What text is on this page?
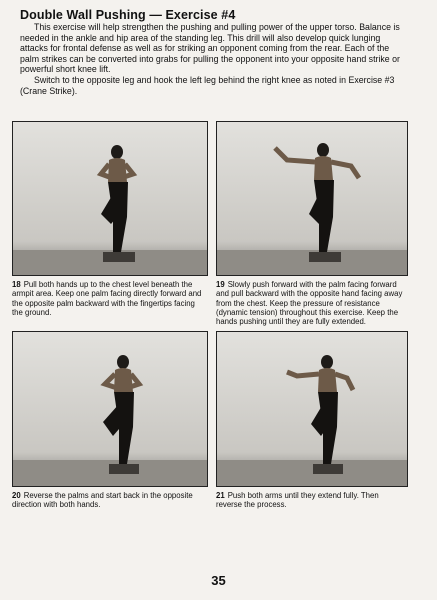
Double Wall Pushing — Exercise #4

This exercise will help strengthen the pushing and pulling power of the upper torso. Balance is needed in the ankle and hip area of the standing leg. This drill will also develop quick lunging attacks for frontal defense as well as for striking an opponent coming from the rear. Each of the palm strikes can be converted into grabs for pulling the opponent into your opposite hand strike or powerful short knee lift.

Switch to the opposite leg and hook the left leg behind the right knee as noted in Exercise #3 (Crane Strike).

18 Pull both hands up to the chest level beneath the armpit area. Keep one palm facing directly forward and the opposite palm backward with the fingertips facing the ground.
19 Slowly push forward with the palm facing forward and pull backward with the opposite hand facing away from the chest. Keep the pressure of resistance (dynamic tension) throughout this exercise. Keep the hands pushing until they are fully extended.
20 Reverse the palms and start back in the opposite direction with both hands.
21 Push both arms until they extend fully. Then reverse the process.
35
